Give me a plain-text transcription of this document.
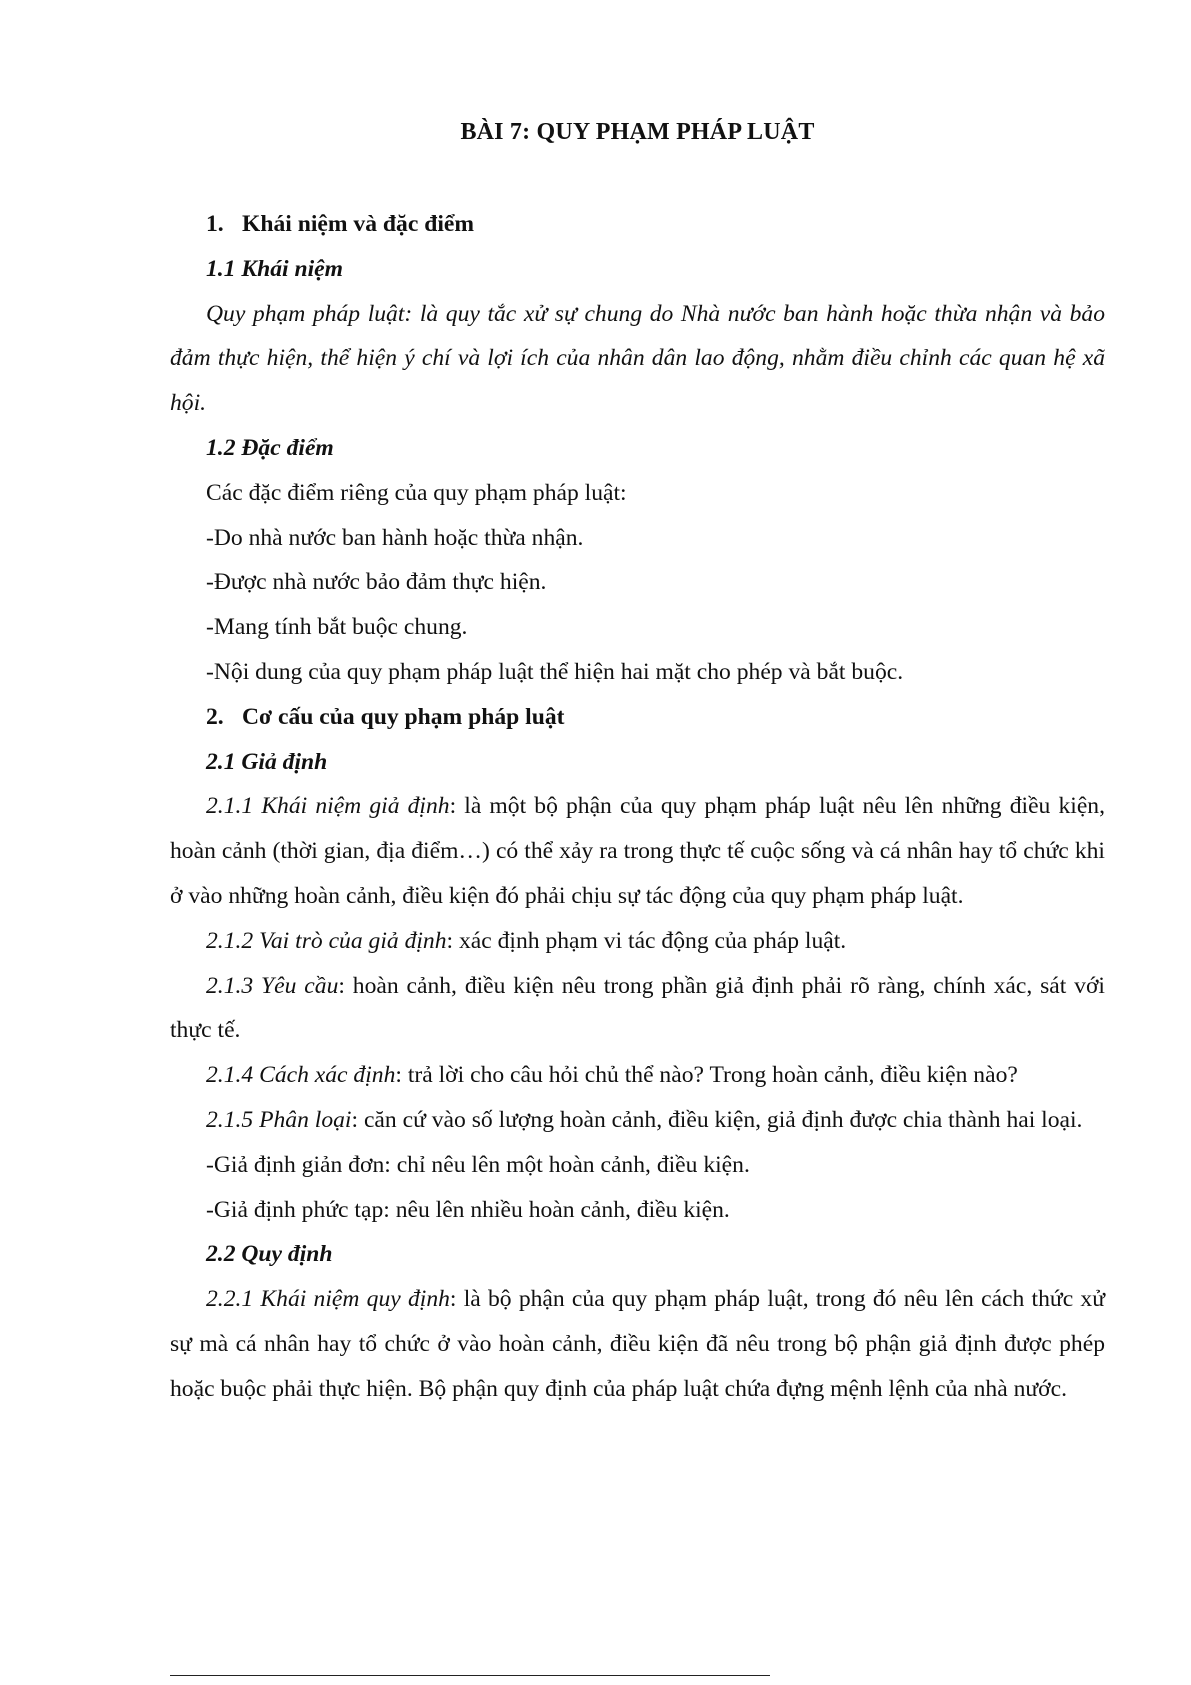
BÀI 7: QUY PHẠM PHÁP LUẬT

1. Khái niệm và đặc điểm

1.1 Khái niệm

Quy phạm pháp luật: là quy tắc xử sự chung do Nhà nước ban hành hoặc thừa nhận và bảo đảm thực hiện, thể hiện ý chí và lợi ích của nhân dân lao động, nhằm điều chỉnh các quan hệ xã hội.

1.2 Đặc điểm

Các đặc điểm riêng của quy phạm pháp luật:

-Do nhà nước ban hành hoặc thừa nhận.

-Được nhà nước bảo đảm thực hiện.

-Mang tính bắt buộc chung.

-Nội dung của quy phạm pháp luật thể hiện hai mặt cho phép và bắt buộc.

2. Cơ cấu của quy phạm pháp luật

2.1 Giả định

2.1.1 Khái niệm giả định: là một bộ phận của quy phạm pháp luật nêu lên những điều kiện, hoàn cảnh (thời gian, địa điểm…) có thể xảy ra trong thực tế cuộc sống và cá nhân hay tổ chức khi ở vào những hoàn cảnh, điều kiện đó phải chịu sự tác động của quy phạm pháp luật.

2.1.2 Vai trò của giả định: xác định phạm vi tác động của pháp luật.

2.1.3 Yêu cầu: hoàn cảnh, điều kiện nêu trong phần giả định phải rõ ràng, chính xác, sát với thực tế.

2.1.4 Cách xác định: trả lời cho câu hỏi chủ thể nào? Trong hoàn cảnh, điều kiện nào?

2.1.5 Phân loại: căn cứ vào số lượng hoàn cảnh, điều kiện, giả định được chia thành hai loại.

-Giả định giản đơn: chỉ nêu lên một hoàn cảnh, điều kiện.

-Giả định phức tạp: nêu lên nhiều hoàn cảnh, điều kiện.

2.2 Quy định

2.2.1 Khái niệm quy định: là bộ phận của quy phạm pháp luật, trong đó nêu lên cách thức xử sự mà cá nhân hay tổ chức ở vào hoàn cảnh, điều kiện đã nêu trong bộ phận giả định được phép hoặc buộc phải thực hiện. Bộ phận quy định của pháp luật chứa đựng mệnh lệnh của nhà nước.
